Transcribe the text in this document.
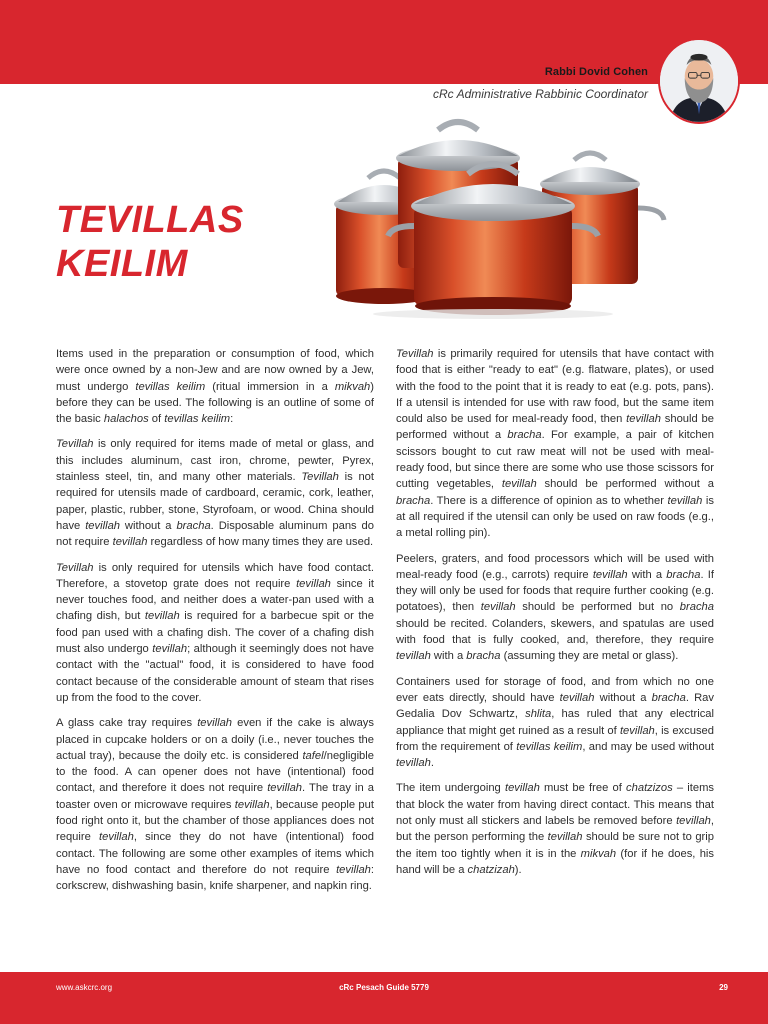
Rabbi Dovid Cohen
cRc Administrative Rabbinic Coordinator
TEVILLAS
KEILIM

Items used in the preparation or consumption of food, which were once owned by a non-Jew and are now owned by a Jew, must undergo tevillas keilim (ritual immersion in a mikvah) before they can be used. The following is an outline of some of the basic halachos of tevillas keilim:

Tevillah is only required for items made of metal or glass, and this includes aluminum, cast iron, chrome, pewter, Pyrex, stainless steel, tin, and many other materials. Tevillah is not required for utensils made of cardboard, ceramic, cork, leather, paper, plastic, rubber, stone, Styrofoam, or wood. China should have tevillah without a bracha. Disposable aluminum pans do not require tevillah regardless of how many times they are used.

Tevillah is only required for utensils which have food contact. Therefore, a stovetop grate does not require tevillah since it never touches food, and neither does a water-pan used with a chafing dish, but tevillah is required for a barbecue spit or the food pan used with a chafing dish. The cover of a chafing dish must also undergo tevillah; although it seemingly does not have contact with the "actual" food, it is considered to have food contact because of the considerable amount of steam that rises up from the food to the cover.

A glass cake tray requires tevillah even if the cake is always placed in cupcake holders or on a doily (i.e., never touches the actual tray), because the doily etc. is considered tafel/negligible to the food. A can opener does not have (intentional) food contact, and therefore it does not require tevillah. The tray in a toaster oven or microwave requires tevillah, because people put food right onto it, but the chamber of those appliances does not require tevillah, since they do not have (intentional) food contact. The following are some other examples of items which have no food contact and therefore do not require tevillah: corkscrew, dishwashing basin, knife sharpener, and napkin ring.

Tevillah is primarily required for utensils that have contact with food that is either "ready to eat" (e.g. flatware, plates), or used with the food to the point that it is ready to eat (e.g. pots, pans). If a utensil is intended for use with raw food, but the same item could also be used for meal-ready food, then tevillah should be performed without a bracha. For example, a pair of kitchen scissors bought to cut raw meat will not be used with meal-ready food, but since there are some who use those scissors for cutting vegetables, tevillah should be performed without a bracha. There is a difference of opinion as to whether tevillah is at all required if the utensil can only be used on raw foods (e.g., a metal rolling pin).

Peelers, graters, and food processors which will be used with meal-ready food (e.g., carrots) require tevillah with a bracha. If they will only be used for foods that require further cooking (e.g. potatoes), then tevillah should be performed but no bracha should be recited. Colanders, skewers, and spatulas are used with food that is fully cooked, and, therefore, they require tevillah with a bracha (assuming they are metal or glass).

Containers used for storage of food, and from which no one ever eats directly, should have tevillah without a bracha. Rav Gedalia Dov Schwartz, shlita, has ruled that any electrical appliance that might get ruined as a result of tevillah, is excused from the requirement of tevillas keilim, and may be used without tevillah.

The item undergoing tevillah must be free of chatzizos – items that block the water from having direct contact. This means that not only must all stickers and labels be removed before tevillah, but the person performing the tevillah should be sure not to grip the item too tightly when it is in the mikvah (for if he does, his hand will be a chatzizah).

www.askcrc.org	cRc Pesach Guide 5779	29
